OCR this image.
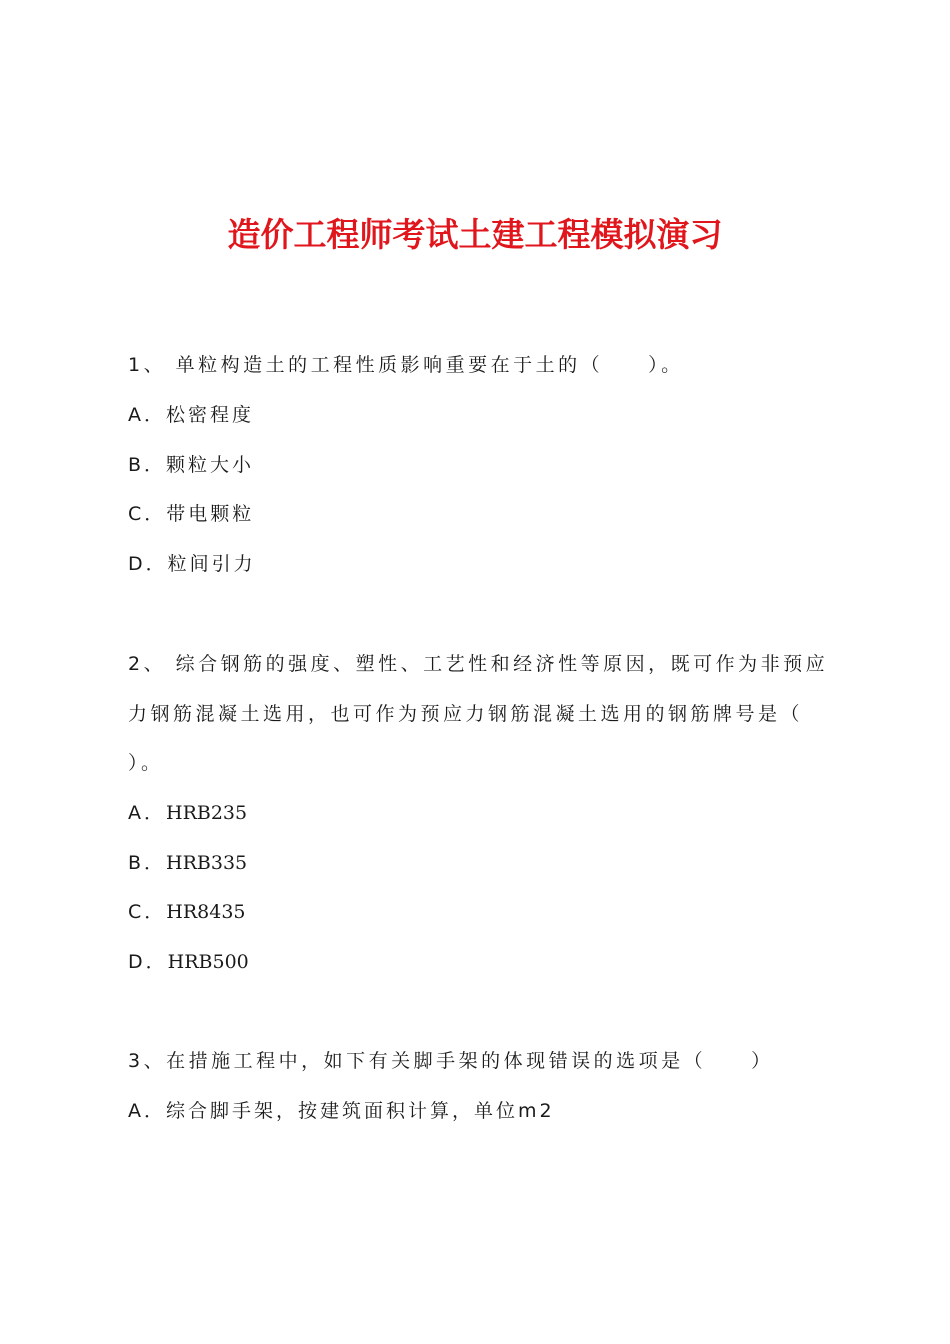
造价工程师考试土建工程模拟演习

1、 单粒构造土的工程性质影响重要在于土的（　　）。

A．松密程度

B．颗粒大小

C．带电颗粒

D．粒间引力

2、 综合钢筋的强度、塑性、工艺性和经济性等原因，既可作为非预应

力钢筋混凝土选用，也可作为预应力钢筋混凝土选用的钢筋牌号是（

）。

A．HRB235

B．HRB335

C．HR8435

D．HRB500

3、在措施工程中，如下有关脚手架的体现错误的选项是（　　）

A．综合脚手架，按建筑面积计算，单位m2
